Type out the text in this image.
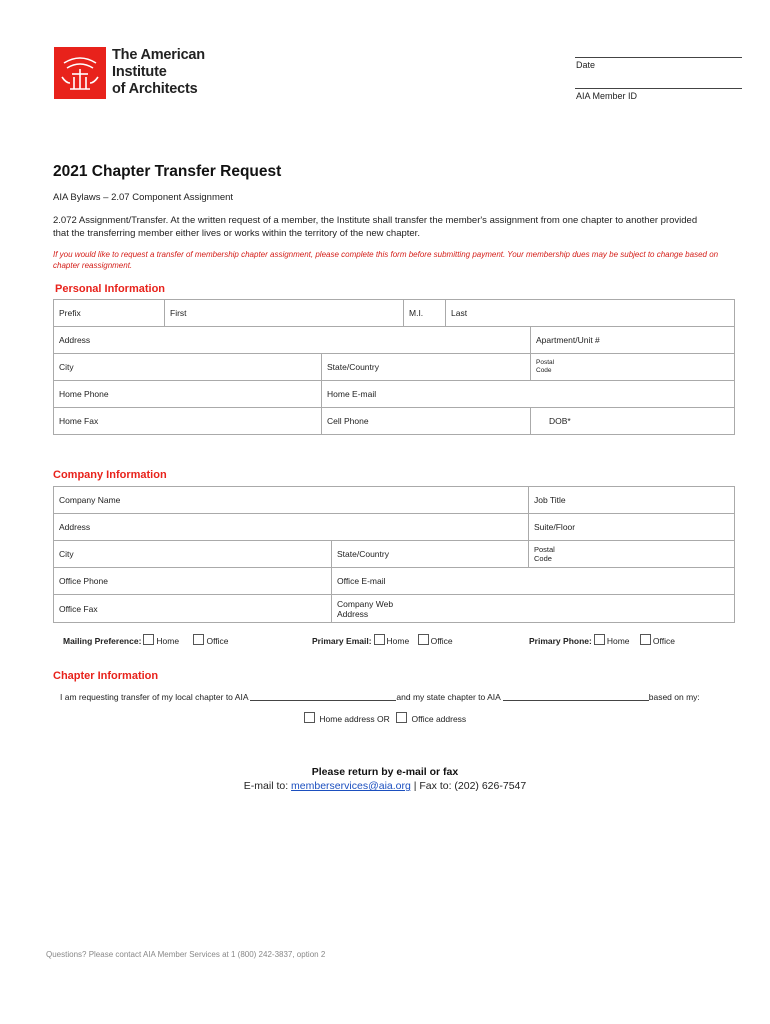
The American
Institute
of Architects
Date
AIA Member ID
2021 Chapter Transfer Request
AIA Bylaws – 2.07 Component Assignment
2.072 Assignment/Transfer. At the written request of a member, the Institute shall transfer the member's assignment from one chapter to another provided that the transferring member either lives or works within the territory of the new chapter.
If you would like to request a transfer of membership chapter assignment, please complete this form before submitting payment. Your membership dues may be subject to change based on chapter reassignment.
Personal Information
Prefix	First	M.I.	Last
Address	Apartment/Unit #
City	State/Country	Postal Code
Home Phone	Home E-mail
Home Fax	Cell Phone	DOB*
Company Information
Company Name	Job Title
Address	Suite/Floor
City	State/Country	Postal Code
Office Phone	Office E-mail
Office Fax	Company Web Address
Mailing Preference: Home	Office	Primary Email: Home	Office	Primary Phone: Home	Office
Chapter Information
I am requesting transfer of my local chapter to AIA	and my state chapter to AIA	based on my:
Home address OR	Office address
Please return by e-mail or fax
E-mail to: memberservices@aia.org | Fax to: (202) 626-7547
Questions? Please contact AIA Member Services at 1 (800) 242-3837, option 2
